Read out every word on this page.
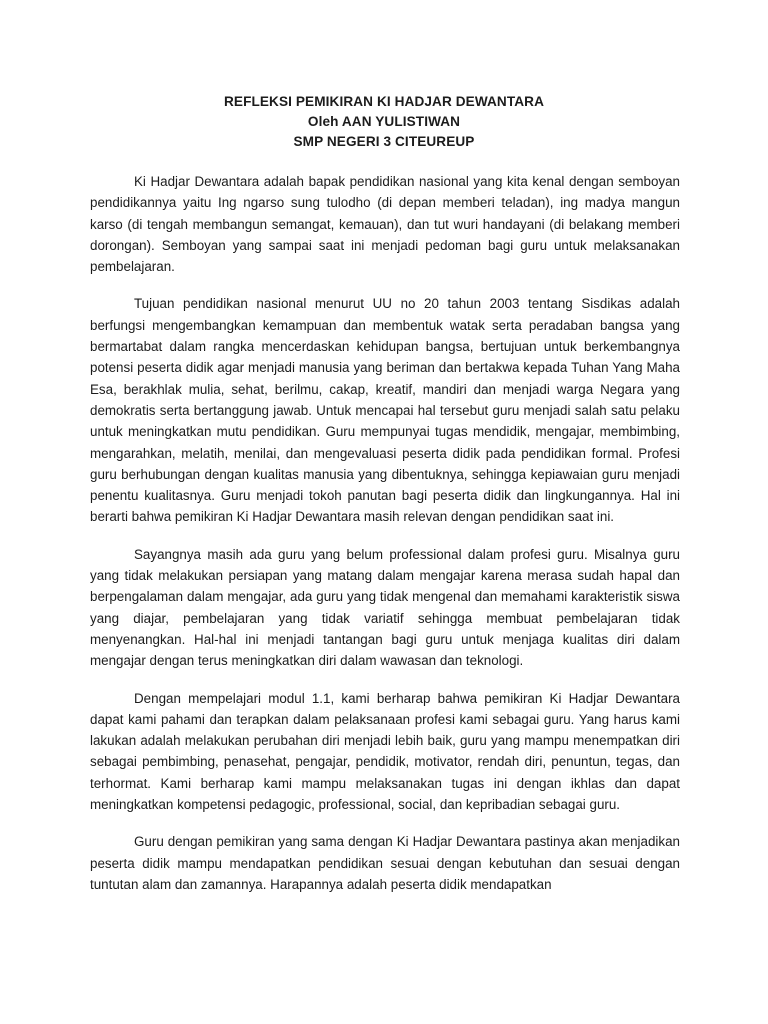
REFLEKSI PEMIKIRAN KI HADJAR DEWANTARA
Oleh AAN YULISTIWAN
SMP NEGERI 3 CITEUREUP

Ki Hadjar Dewantara adalah bapak pendidikan nasional yang kita kenal dengan semboyan pendidikannya yaitu Ing ngarso sung tulodho (di depan memberi teladan), ing madya mangun karso (di tengah membangun semangat, kemauan), dan tut wuri handayani (di belakang memberi dorongan). Semboyan yang sampai saat ini menjadi pedoman bagi guru untuk melaksanakan pembelajaran.

Tujuan pendidikan nasional menurut UU no 20 tahun 2003 tentang Sisdikas adalah berfungsi mengembangkan kemampuan dan membentuk watak serta peradaban bangsa yang bermartabat dalam rangka mencerdaskan kehidupan bangsa, bertujuan untuk berkembangnya potensi peserta didik agar menjadi manusia yang beriman dan bertakwa kepada Tuhan Yang Maha Esa, berakhlak mulia, sehat, berilmu, cakap, kreatif, mandiri dan menjadi warga Negara yang demokratis serta bertanggung jawab. Untuk mencapai hal tersebut guru menjadi salah satu pelaku untuk meningkatkan mutu pendidikan. Guru mempunyai tugas mendidik, mengajar, membimbing, mengarahkan, melatih, menilai, dan mengevaluasi peserta didik pada pendidikan formal. Profesi guru berhubungan dengan kualitas manusia yang dibentuknya, sehingga kepiawaian guru menjadi penentu kualitasnya. Guru menjadi tokoh panutan bagi peserta didik dan lingkungannya. Hal ini berarti bahwa pemikiran Ki Hadjar Dewantara masih relevan dengan pendidikan saat ini.

Sayangnya masih ada guru yang belum professional dalam profesi guru. Misalnya guru yang tidak melakukan persiapan yang matang dalam mengajar karena merasa sudah hapal dan berpengalaman dalam mengajar, ada guru yang tidak mengenal dan memahami karakteristik siswa yang diajar, pembelajaran yang tidak variatif sehingga membuat pembelajaran tidak menyenangkan. Hal-hal ini menjadi tantangan bagi guru untuk menjaga kualitas diri dalam mengajar dengan terus meningkatkan diri dalam wawasan dan teknologi.

Dengan mempelajari modul 1.1, kami berharap bahwa pemikiran Ki Hadjar Dewantara dapat kami pahami dan terapkan dalam pelaksanaan profesi kami sebagai guru. Yang harus kami lakukan adalah melakukan perubahan diri menjadi lebih baik, guru yang mampu menempatkan diri sebagai pembimbing, penasehat, pengajar, pendidik, motivator, rendah diri, penuntun, tegas, dan terhormat. Kami berharap kami mampu melaksanakan tugas ini dengan ikhlas dan dapat meningkatkan kompetensi pedagogic, professional, social, dan kepribadian sebagai guru.

Guru dengan pemikiran yang sama dengan Ki Hadjar Dewantara pastinya akan menjadikan peserta didik mampu mendapatkan pendidikan sesuai dengan kebutuhan dan sesuai dengan tuntutan alam dan zamannya. Harapannya adalah peserta didik mendapatkan
